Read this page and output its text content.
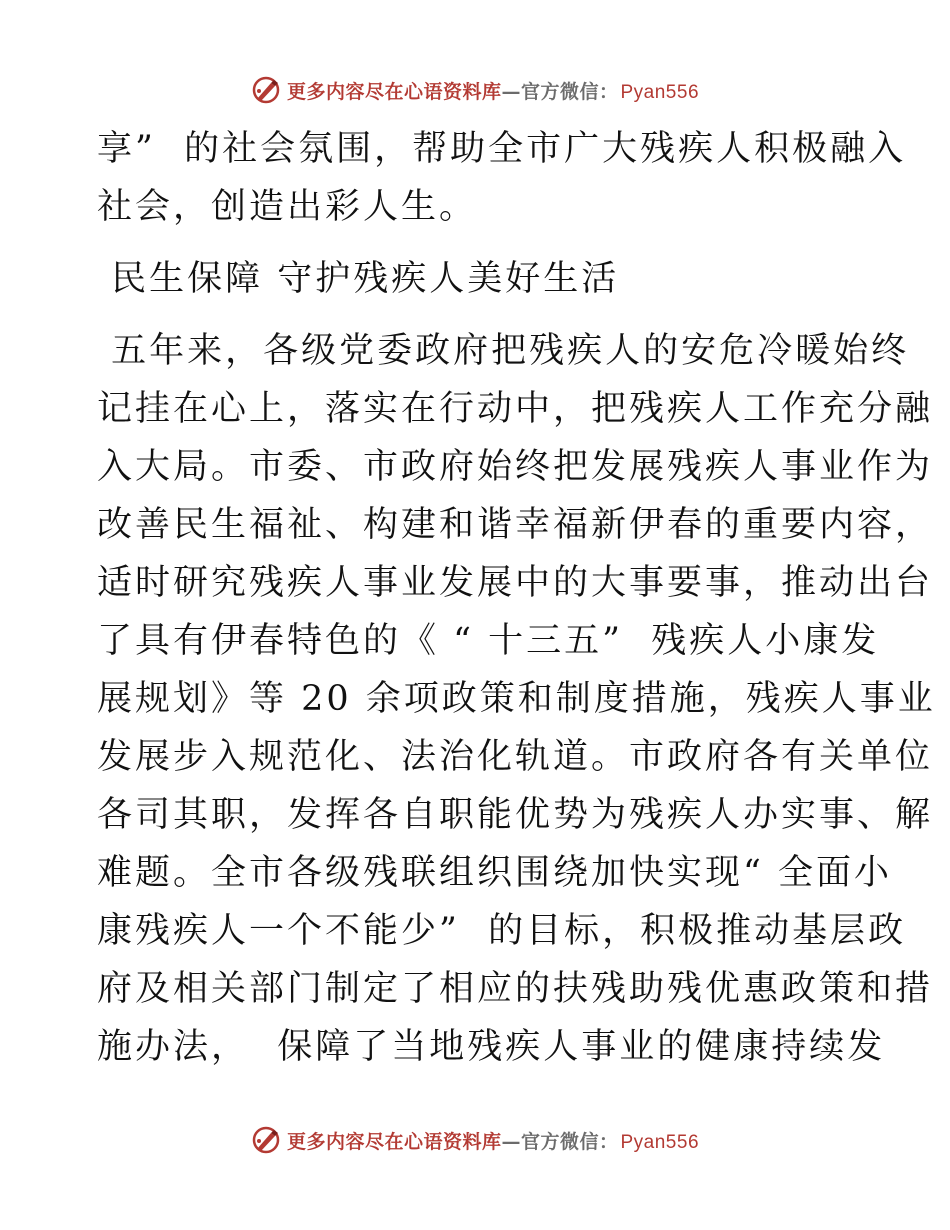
更多内容尽在心语资料库—官方微信： Pyan556
享”  的社会氛围，帮助全市广大残疾人积极融入
社会，创造出彩人生。
民生保障 守护残疾人美好生活
五年来，各级党委政府把残疾人的安危冷暖始终
记挂在心上，落实在行动中，把残疾人工作充分融
入大局。市委、市政府始终把发展残疾人事业作为
改善民生福祉、构建和谐幸福新伊春的重要内容，
适时研究残疾人事业发展中的大事要事，推动出台
了具有伊春特色的《 “ 十三五”  残疾人小康发
展规划》等 20 余项政策和制度措施，残疾人事业
发展步入规范化、法治化轨道。市政府各有关单位
各司其职，发挥各自职能优势为残疾人办实事、解
难题。全市各级残联组织围绕加快实现“ 全面小
康残疾人一个不能少”  的目标，积极推动基层政
府及相关部门制定了相应的扶残助残优惠政策和措
施办法，  保障了当地残疾人事业的健康持续发
更多内容尽在心语资料库—官方微信： Pyan556
